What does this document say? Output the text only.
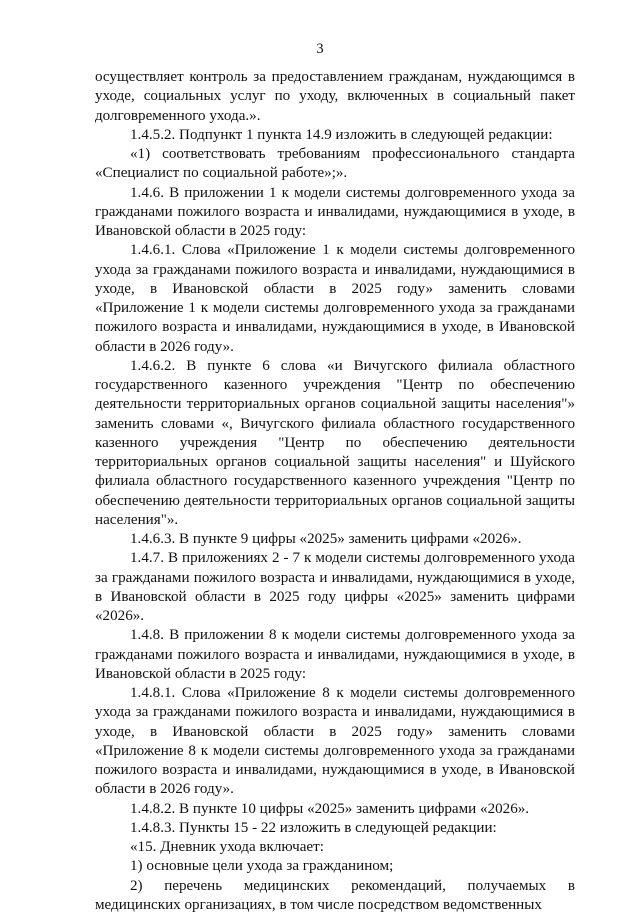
3

осуществляет контроль за предоставлением гражданам, нуждающимся в уходе, социальных услуг по уходу, включенных в социальный пакет долговременного ухода.».

1.4.5.2. Подпункт 1 пункта 14.9 изложить в следующей редакции:

«1) соответствовать требованиям профессионального стандарта «Специалист по социальной работе»;».

1.4.6. В приложении 1 к модели системы долговременного ухода за гражданами пожилого возраста и инвалидами, нуждающимися в уходе, в Ивановской области в 2025 году:

1.4.6.1. Слова «Приложение 1 к модели системы долговременного ухода за гражданами пожилого возраста и инвалидами, нуждающимися в уходе, в Ивановской области в 2025 году» заменить словами «Приложение 1 к модели системы долговременного ухода за гражданами пожилого возраста и инвалидами, нуждающимися в уходе, в Ивановской области в 2026 году».

1.4.6.2. В пункте 6 слова «и Вичугского филиала областного государственного казенного учреждения "Центр по обеспечению деятельности территориальных органов социальной защиты населения"» заменить словами «, Вичугского филиала областного государственного казенного учреждения "Центр по обеспечению деятельности территориальных органов социальной защиты населения" и Шуйского филиала областного государственного казенного учреждения "Центр по обеспечению деятельности территориальных органов социальной защиты населения"».

1.4.6.3. В пункте 9 цифры «2025» заменить цифрами «2026».

1.4.7. В приложениях 2 - 7 к модели системы долговременного ухода за гражданами пожилого возраста и инвалидами, нуждающимися в уходе, в Ивановской области в 2025 году цифры «2025» заменить цифрами «2026».

1.4.8. В приложении 8 к модели системы долговременного ухода за гражданами пожилого возраста и инвалидами, нуждающимися в уходе, в Ивановской области в 2025 году:

1.4.8.1. Слова «Приложение 8 к модели системы долговременного ухода за гражданами пожилого возраста и инвалидами, нуждающимися в уходе, в Ивановской области в 2025 году» заменить словами «Приложение 8 к модели системы долговременного ухода за гражданами пожилого возраста и инвалидами, нуждающимися в уходе, в Ивановской области в 2026 году».

1.4.8.2. В пункте 10 цифры «2025» заменить цифрами «2026».

1.4.8.3. Пункты 15 - 22 изложить в следующей редакции:

«15. Дневник ухода включает:

1) основные цели ухода за гражданином;

2) перечень медицинских рекомендаций, получаемых в медицинских организациях, в том числе посредством ведомственных
